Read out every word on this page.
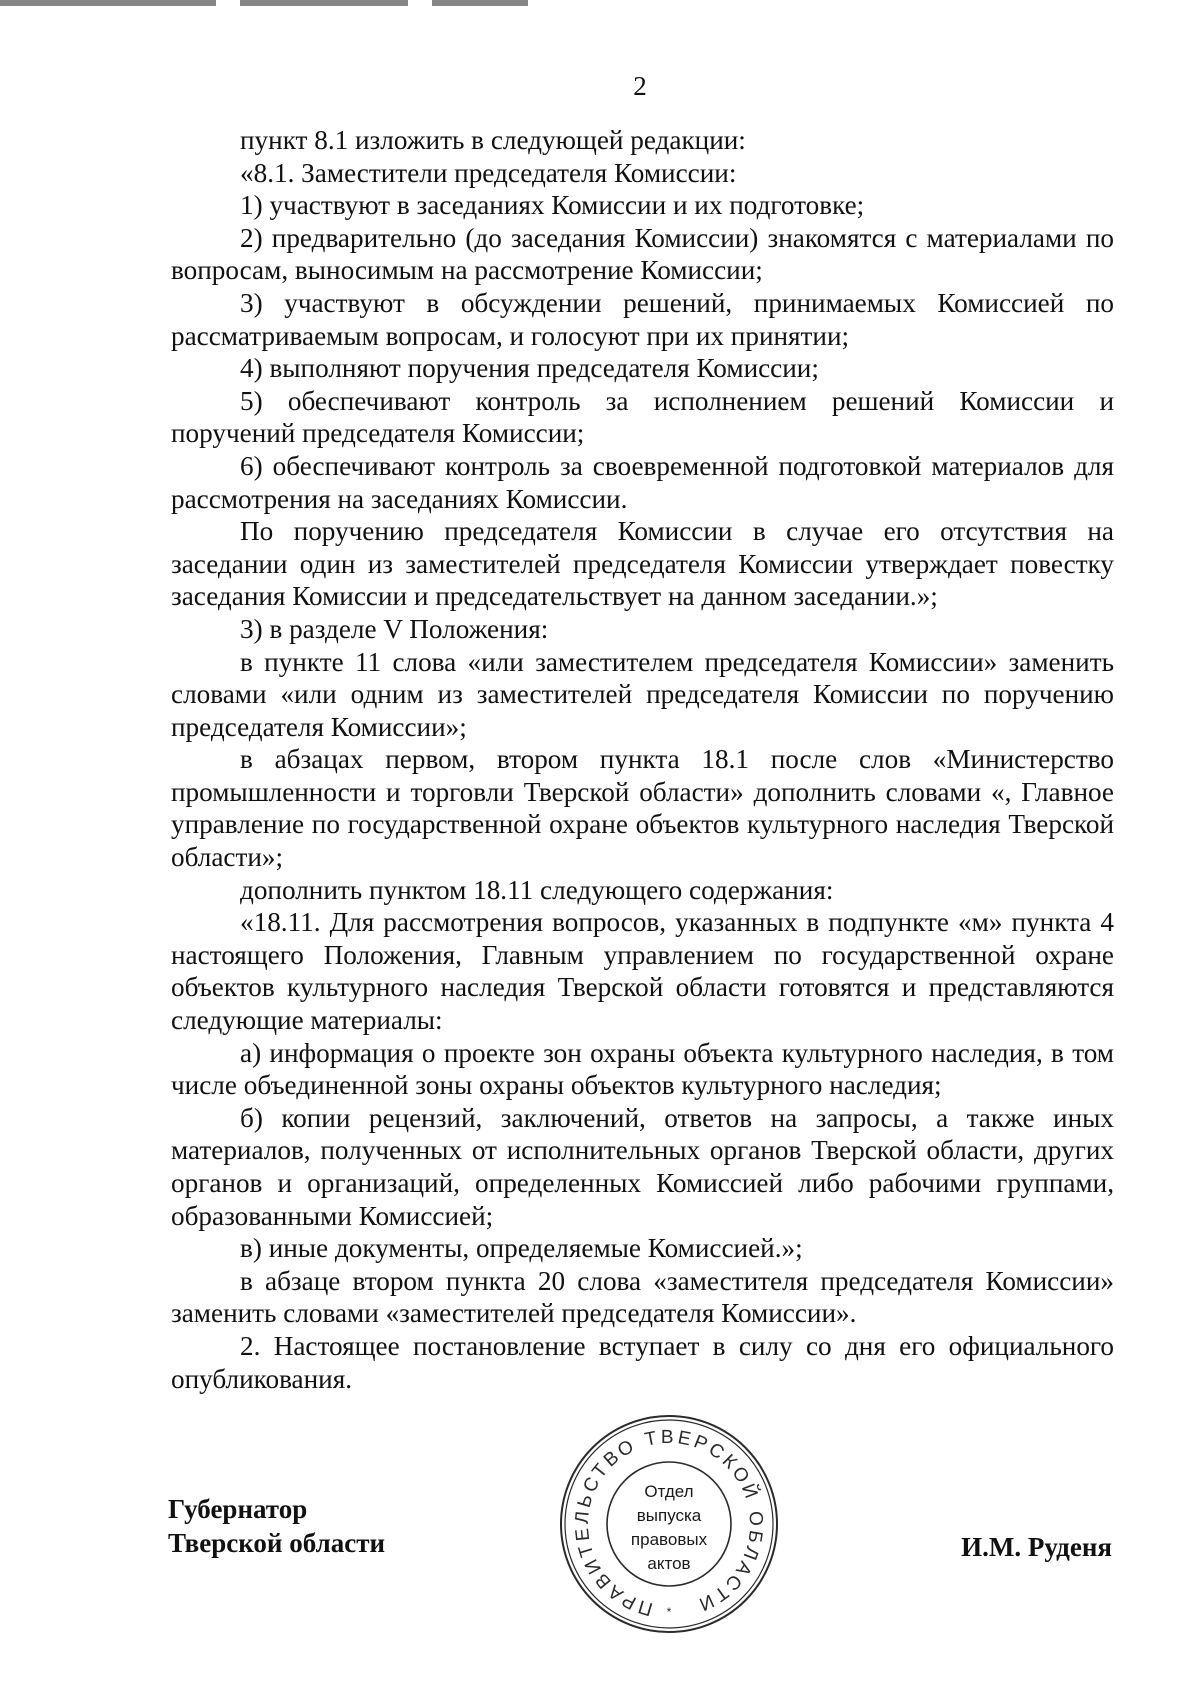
2

пункт 8.1 изложить в следующей редакции:

«8.1. Заместители председателя Комиссии:

1) участвуют в заседаниях Комиссии и их подготовке;

2) предварительно (до заседания Комиссии) знакомятся с материалами по вопросам, выносимым на рассмотрение Комиссии;

3) участвуют в обсуждении решений, принимаемых Комиссией по рассматриваемым вопросам, и голосуют при их принятии;

4) выполняют поручения председателя Комиссии;

5) обеспечивают контроль за исполнением решений Комиссии и поручений председателя Комиссии;

6) обеспечивают контроль за своевременной подготовкой материалов для рассмотрения на заседаниях Комиссии.

По поручению председателя Комиссии в случае его отсутствия на заседании один из заместителей председателя Комиссии утверждает повестку заседания Комиссии и председательствует на данном заседании.»;

3) в разделе V Положения:

в пункте 11 слова «или заместителем председателя Комиссии» заменить словами «или одним из заместителей председателя Комиссии по поручению председателя Комиссии»;

в абзацах первом, втором пункта 18.1 после слов «Министерство промышленности и торговли Тверской области» дополнить словами «, Главное управление по государственной охране объектов культурного наследия Тверской области»;

дополнить пунктом 18.11 следующего содержания:

«18.11. Для рассмотрения вопросов, указанных в подпункте «м» пункта 4 настоящего Положения, Главным управлением по государственной охране объектов культурного наследия Тверской области готовятся и представляются следующие материалы:

а) информация о проекте зон охраны объекта культурного наследия, в том числе объединенной зоны охраны объектов культурного наследия;

б) копии рецензий, заключений, ответов на запросы, а также иных материалов, полученных от исполнительных органов Тверской области, других органов и организаций, определенных Комиссией либо рабочими группами, образованными Комиссией;

в) иные документы, определяемые Комиссией.»;

в абзаце втором пункта 20 слова «заместителя председателя Комиссии» заменить словами «заместителей председателя Комиссии».

2. Настоящее постановление вступает в силу со дня его официального опубликования.

Губернатор
Тверской области
ПРАВИТЕЛЬСТВО ТВЕРСКОЙ ОБЛАСТИ
*
Отдел
выпуска
правовых
актов
И.М. Руденя
